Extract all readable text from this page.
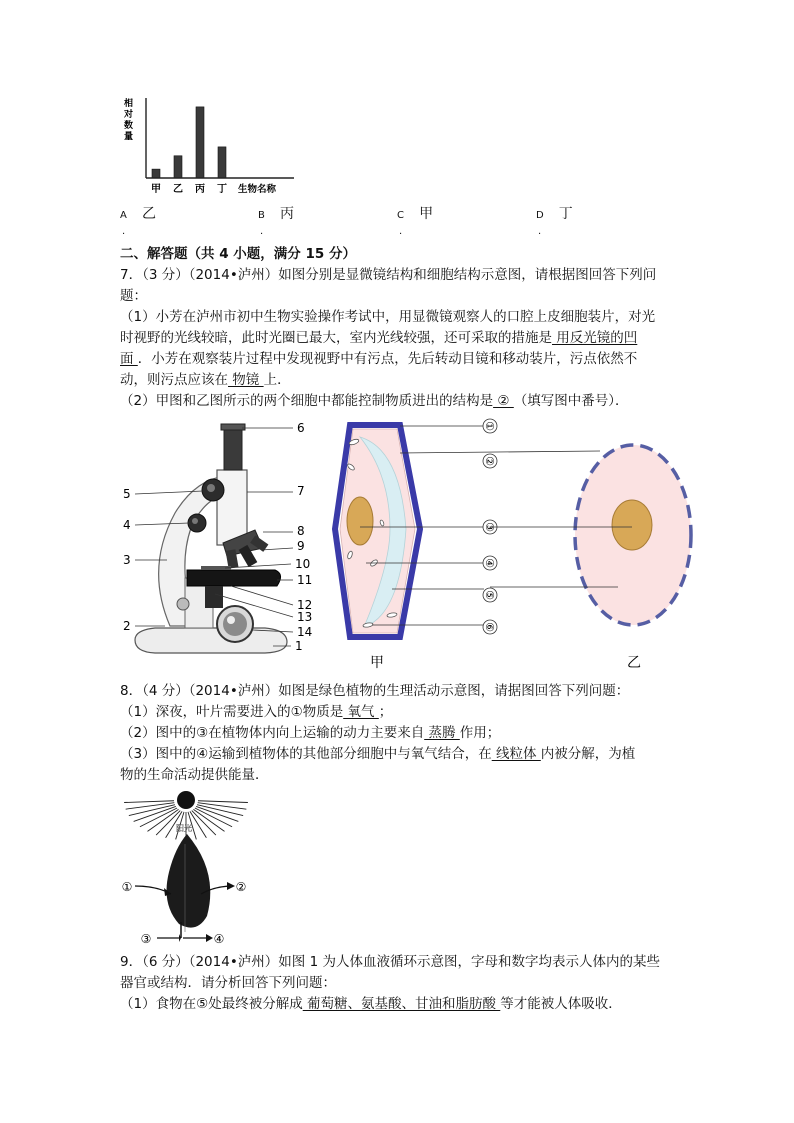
甲 乙 丙 丁
相对数量
生物名称
A 乙
.
B 丙
.
C 甲
.
D 丁
.
二、解答题（共 4 小题，满分 15 分）
7．（3 分）（2014•泸州）如图分别是显微镜结构和细胞结构示意图，请根据图回答下列问
题：
（1）小芳在泸州市初中生物实验操作考试中，用显微镜观察人的口腔上皮细胞装片，对光
时视野的光线较暗，此时光圈已最大，室内光线较强，还可采取的措施是 用反光镜的凹
面 ．小芳在观察装片过程中发现视野中有污点，先后转动目镜和移动装片，污点依然不
动，则污点应该在 物镜 上．
（2）甲图和乙图所示的两个细胞中都能控制物质进出的结构是 ② （填写图中番号）．
1
2
3
4
5
6
7
8
9
10
11
12
13
14
①
②
③
④
⑤
⑥
甲	乙
8．（4 分）（2014•泸州）如图是绿色植物的生理活动示意图，请据图回答下列问题：
（1）深夜，叶片需要进入的①物质是 氧气 ；
（2）图中的③在植物体内向上运输的动力主要来自 蒸腾 作用；
（3）图中的④运输到植物体的其他部分细胞中与氧气结合，在 线粒体 内被分解，为植
物的生命活动提供能量．
阳光
①	②
③	④
9．（6 分）（2014•泸州）如图 1 为人体血液循环示意图，字母和数字均表示人体内的某些
器官或结构．请分析回答下列问题：
（1）食物在⑤处最终被分解成 葡萄糖、氨基酸、甘油和脂肪酸 等才能被人体吸收．
